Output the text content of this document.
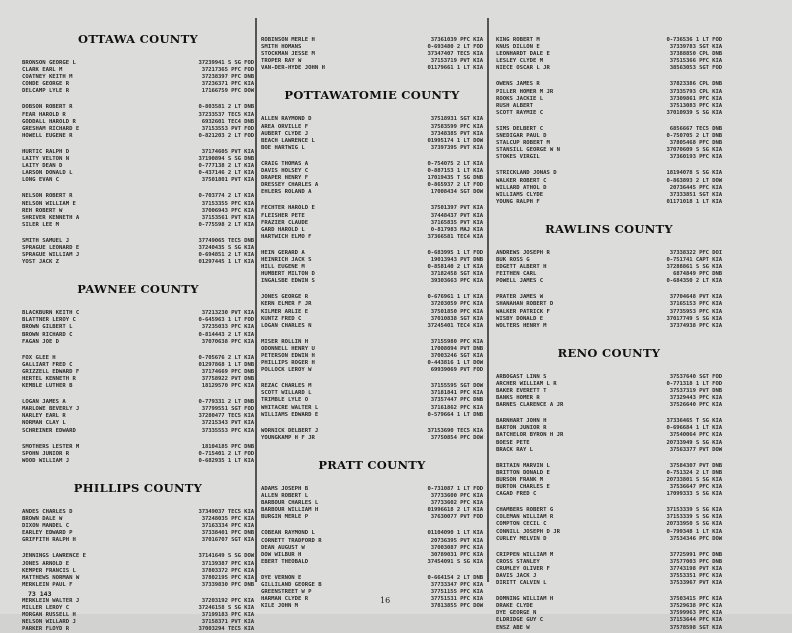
OTTAWA COUNTY
BRONSON GEORGE L	37239941 S SG FOD
CLARK EARL M	37217365 PFC FOD
COATNEY KEITH M	37238397 PFC DNB
CONDE GEORGE R	37236371 PFC KIA
DELCAMP LYLE R	17166759 PFC DOW
DOBSON ROBERT R	0-803581 2 LT DNB
FEAR HAROLD R	37233537 TEC5 KIA
GODDALL HAROLD R	6932601 TEC4 DNB
GRESHAM RICHARD E	37153553 PVT FOD
HOWELL EUGENE R	0-821203 2 LT FOD
HURTIC RALPH D	37174605 PVT KIA
LAITY VELTON N	37190894 S SG DNB
LAITY DEAN D	0-777138 2 LT KIA
LARSON DONALD L	0-437146 2 LT KIA
LONG EVAN C	37501801 PVT KIA
NELSON ROBERT R	0-703774 2 LT KIA
NELSON WILLIAM E	37153355 PFC KIA
REH ROBERT W	37006943 PFC KIA
SHRIVER KENNETH A	37153561 PVT KIA
SILER LEE M	0-775598 2 LT KIA
SMITH SAMUEL J	37749065 TEC5 DNB
SPRAGUE LEONARD E	37240435 S SG KIA
SPRAGUE WILLIAM J	0-694851 2 LT KIA
YOST JACK Z	01297445 1 LT KIA
PAWNEE COUNTY
BLACKBURN KEITH C	37213230 PVT KIA
BLATTNER LEROY C	0-645963 1 LT FOD
BROWN GILBERT L	37235033 PFC KIA
BROWN RICHARD C	0-814443 2 LT KIA
FAGAN JOE D	37070638 PFC KIA
FOX GLEE H	0-705676 2 LT KIA
GALLIART FRED C	01297868 1 LT DNB
GRIZZELL EDWARD F	37174669 PFC DNB
HERTEL KENNETH R	37758922 PVT DNB
KEMBLE LUTHER B	18129570 PFC KIA
LOGAN JAMES A	0-779331 2 LT DNB
MARLOWE BEVERLY J	37799551 SGT FOD
NARLEY EARL R	37280477 TEC5 KIA
NORMAN CLAY L	37215343 PVT KIA
SCHREINER EDWARD	37335553 PFC KIA
SMOTHERS LESTER M	18104185 PFC DNB
SPOHN JUNIOR R	0-715401 2 LT FOD
WOOD WILLIAM J	0-682935 1 LT KIA
PHILLIPS COUNTY
ANDES CHARLES D	37349037 TEC5 KIA
BROWN DALE W	37248035 PFC KIA
DIXON MANDEL C	37163334 PFC KIA
EARLEY EDWARD P	37338401 PFC DNB
GRIFFITH RALPH H	37016707 SGT KIA
JENNINGS LAWRENCE E	37141649 S SG DOW
JONES ARNOLD E	37139387 PFC KIA
KEMPER FRANCIS L	37803372 PFC KIA
MATTHEWS NORMAN W	37802195 PFC KIA
MERKLEIN PAUL F	37339830 PFC DNB
MERKLEIN WALTER J	37203192 PFC KIA
MILLER LEROY C	37246158 S SG KIA
MORGAN RUSSELL H	37199183 PFC KIA
NELSON WILLARD J	37158371 PVT KIA
PARKER FLOYD R	37003294 TEC5 KIA
ROBINSON MERLE H	37361039 PFC KIA
SMITH HOMANS	0-693480 2 LT FOD
STOCKMAN JESSE M	37347407 TEC5 KIA
TROPER RAY W	37153719 PVT KIA
VAN-DER-HYDE JOHN H	01179661 1 LT KIA
POTTAWATOMIE COUNTY
ALLEN RAYMOND D	37518931 SGT KIA
AREA ORVILLE F	37583599 PFC KIA
AUBERT CLYDE J	37348385 PVT KIA
BEACH LAWRENCE L	01995174 1 LT DOW
BOE HARTWIG L	37397395 PVT KIA
CRAIG THOMAS A	0-754075 2 LT KIA
DAVIS HOLSEY C	0-887153 1 LT KIA
DRAPER HENRY F	17019435 T SG DNB
DRESSEY CHARLES A	0-865937 2 LT FOD
EHLERS ROLAND A	17008434 SGT DOW
FECHTER HAROLD E	37501397 PVT KIA
FLEISHER PETE	37448437 PVT KIA
FRAZIER CLAUDE	37165835 PVT KIA
GARD HAROLD L	0-817983 MAJ KIA
HARTWICH ELMO F	37366581 TEC4 KIA
HEIN GERARD A	0-683995 1 LT FOD
HEINRICH JACK S	19013943 PVT DNB
HILL EUGENE M	0-858140 2 LT KIA
HUMBERT MILTON D	37182458 SGT KIA
INGALSBE EDWIN S	39303663 PFC KIA
JONES GEORGE R	0-676961 1 LT KIA
KERN ELMER F JR	37203059 PFC KIA
KILMER ARLIE E	37501850 PFC KIA
KUNTZ FRED C	37010838 SGT KIA
LOGAN CHARLES N	37245401 TEC4 KIA
MISER ROLLIN H	37155980 PFC KIA
ODONNELL HENRY U	17008094 PVT DNB
PETERSON EDWIN H	37003246 SGT KIA
PHILLIPS ROGER H	0-443816 1 LT DOW
POLLOCK LEROY W	69939069 PVT FOD
REZAC CHARLES M	37155595 SGT DOW
SCOTT WILLARD L	37181841 PFC KIA
TRIMBLE LYLE O	37357447 PFC DNB
WHITACRE WALTER L	37161862 PFC KIA
WILLIAMS EDWARD E	0-579664 1 LT DNB
WORNICK DELBERT J	37153690 TEC5 KIA
YOUNGKAMP H F JR	37750854 PFC DOW
PRATT COUNTY
ADAMS JOSEPH B	0-731087 1 LT FOD
ALLEN ROBERT L	37733600 PFC KIA
BARBOUR CHARLES L	37733602 PFC KIA
BARBOUR WILLIAM H	01996618 2 LT KIA
BURGIN MERLE P	37630077 PVT FOD
COBEAN RAYMOND L	01104090 1 LT KIA
CORNETT TRADFORD R	20736395 PVT KIA
DEAN AUGUST W	37003087 PFC KIA
DOW WILBUR H	30789031 PFC KIA
EBERT THEOBALD	37454091 S SG KIA
DYE VERNON E	0-664154 2 LT DNB
GILLILAND GEORGE B	37733347 PFC KIA
GREENSTREET W P	37751155 PFC KIA
HARMAN CLYDE R	37751531 PFC KIA
KILE JOHN M	37813855 PFC DOW
KING ROBERT M	0-736536 1 LT FOD
KNUS DILLON E	37339783 SGT KIA
LEONHARDT DALE E	37388850 CPL DNB
LESLEY CLYDE M	37515366 PFC KIA
NIECE OSCAR L JR	38563053 SGT FOD
OWENS JAMES R	37823386 CPL DNB
PILLER HOMER M JR	37335793 CPL KIA
ROOKS JACKIE L	37309861 PFC KIA
RUSH ALBERT	37513083 PFC KIA
SCOTT RAYMIE C	37010939 S SG KIA
SIMS DELBERT C	6856667 TEC5 DNB
SNEDIGAR PAUL D	0-750705 2 LT DNB
STALCUP ROBERT M	37805468 PFC DNB
STANSILL GEORGE W N	37070609 S SG KIA
STOKES VIRGIL	37360193 PFC KIA
STRICKLAND JONAS D	18194078 S SG KIA
WALKER ROBERT C	0-863893 2 LT DOW
WILLARD ATHOL D	20736445 PFC KIA
WILLIAMS CLYDE	37333851 SGT KIA
YOUNG RALPH F	01171018 1 LT KIA
RAWLINS COUNTY
ANDREWS JOSEPH R	37338322 PFC DOI
BUK ROSS G	0-751741 CAPT KIA
EDGETT ALBERT H	37288861 S SG KIA
FEITHEN CARL	6874849 PFC DNB
POWELL JAMES C	0-684350 2 LT KIA
PRATER JAMES W	37704648 PVT KIA
SHANAHAN ROBERT D	37165153 PFC KIA
WALKER PATRICK F	37735953 PFC KIA
WISBY DONALD E	37017749 S SG KIA
WOLTERS HENRY M	37374938 PFC KIA
RENO COUNTY
ARBOGAST LINN S	37537640 SGT FOD
ARCHER WILLIAM L R	0-771318 1 LT FOD
BAKER EVERETT T	37537319 PVT DNB
BANKS HOMER R	37329443 PFC KIA
BARNES CLARENCE A JR	37526640 PFC KIA
BARNHART JOHN H	37336465 T SG KIA
BARTON JUNIOR R	0-696684 1 LT KIA
BATCHELOR BYRON H JR	37540064 PFC KIA
BOESE PETE	20733949 S SG KIA
BRACK RAY L	37563377 PVT DOW
BRITAIN MARVIN L	37584307 PVT DNB
BRITTON DONALD E	0-751324 2 LT DNB
BURSON FRANK M	20733801 S SG KIA
BURTON CHARLES E	37536647 PFC KIA
CAGAD FRED C	17099333 S SG KIA
CHAMBERS ROBERT G	37153339 S SG KIA
COLEMAN WILLIAM R	37153339 S SG KIA
COMPTON CECIL C	20733950 S SG KIA
CONNILL JOSEPH D JR	0-799348 1 LT KIA
CURLEY MELVIN D	37534346 PFC DOW
CRIPPEN WILLIAM M	37725991 PFC DNB
CROSS STANLEY	37577003 PFC DNB
CRUMLEY OLIVER F	37743198 PVT KIA
DAVIS JACK J	37553351 PFC KIA
DIRITT CALVIN L	37533967 PVT KIA
DOMNING WILLIAM H	37503415 PFC KIA
DRAKE CLYDE	37529638 PFC KIA
DYE GEORGE N	37599963 PFC KIA
ELDRIDGE GUY C	37153644 PFC KIA
ENSZ ABE W	37578598 SGT KIA
73 143
16
